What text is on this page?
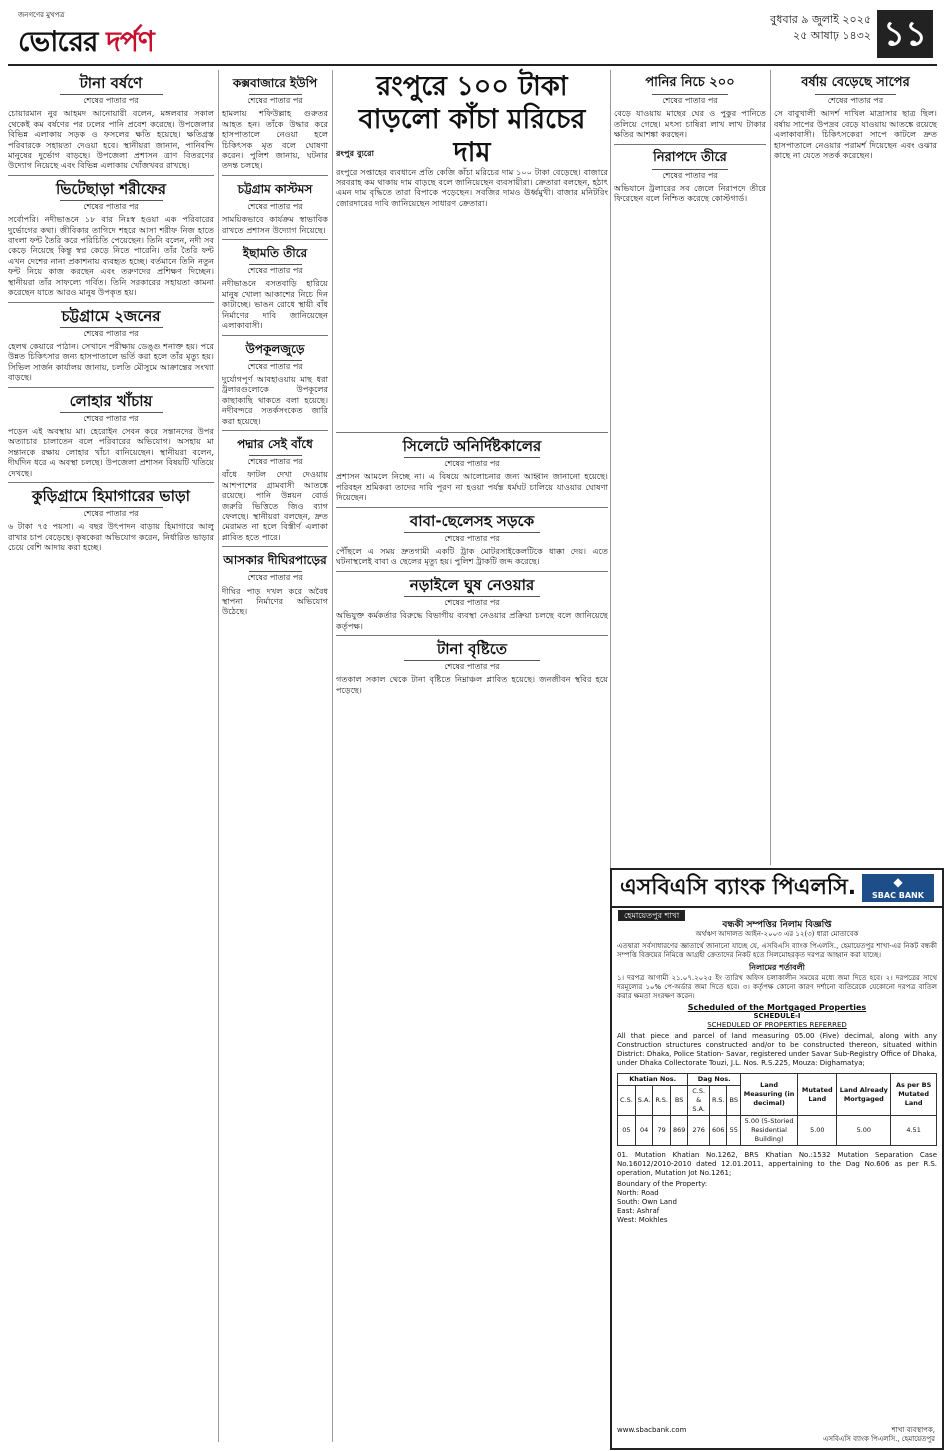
জনগণের মুখপত্র
ভোরের দর্পণ
বুধবার ৯ জুলাই ২০২৫
২৫ আষাঢ় ১৪৩২ ১১
টানা বর্ষণে
শেষের পাতার পর

চোয়ারমান নুর আহমদ আনোয়ারী বলেন, মঙ্গলবার সকাল থেকেই কম বর্ষণের পর ঢলের পানি প্রবেশ করেছে। উপজেলার বিভিন্ন এলাকায় সড়ক ও ফসলের ক্ষতি হয়েছে। ক্ষতিগ্রস্ত পরিবারকে সহায়তা দেওয়া হবে। স্থানীয়রা জানান, পানিবন্দি মানুষের দুর্ভোগ বাড়ছে। উপজেলা প্রশাসন ত্রাণ বিতরণের উদ্যোগ নিয়েছে এবং বিভিন্ন এলাকায় খোঁজখবর রাখছে।

ভিটেছাড়া শরীফের
শেষের পাতার পর

সর্বোপরি। নদীভাঙনে ১৮ বার নিঃস্ব হওয়া এক পরিবারের দুর্ভোগের কথা। জীবিকার তাগিদে শহরে আসা শরীফ নিজ হাতে বাংলা ফন্ট তৈরি করে পরিচিতি পেয়েছেন। তিনি বলেন, নদী সব কেড়ে নিয়েছে কিন্তু স্বপ্ন কেড়ে নিতে পারেনি। তাঁর তৈরি ফন্ট এখন দেশের নানা প্রকাশনায় ব্যবহৃত হচ্ছে। বর্তমানে তিনি নতুন ফন্ট নিয়ে কাজ করছেন এবং তরুণদের প্রশিক্ষণ দিচ্ছেন। স্থানীয়রা তাঁর সাফল্যে গর্বিত। তিনি সরকারের সহায়তা কামনা করেছেন যাতে আরও মানুষ উপকৃত হয়।

চট্টগ্রামে ২জনের
শেষের পাতার পর

হেলথ কেয়ারে পাঠান। সেখানে পরীক্ষায় ডেঙ্গু শনাক্ত হয়। পরে উন্নত চিকিৎসার জন্য হাসপাতালে ভর্তি করা হলে তাঁর মৃত্যু হয়। সিভিল সার্জন কার্যালয় জানায়, চলতি মৌসুমে আক্রান্তের সংখ্যা বাড়ছে।

লোহার খাঁচায়
শেষের পাতার পর

পড়েন এই অবস্থায় মা। হেরোইন সেবন করে সন্তানদের উপর অত্যাচার চালাতেন বলে পরিবারের অভিযোগ। অসহায় মা সন্তানকে রক্ষায় লোহার খাঁচা বানিয়েছেন। স্থানীয়রা বলেন, দীর্ঘদিন ধরে এ অবস্থা চলছে। উপজেলা প্রশাসন বিষয়টি খতিয়ে দেখছে।

কুড়িগ্রামে হিমাগারের ভাড়া
শেষের পাতার পর

৬ টাকা ৭৫ পয়সা। এ বছর উৎপাদন বাড়ায় হিমাগারে আলু রাখার চাপ বেড়েছে। কৃষকেরা অভিযোগ করেন, নির্ধারিত ভাড়ার চেয়ে বেশি আদায় করা হচ্ছে।

কক্সবাজারে ইউপি
শেষের পাতার পর

হামলায় শফিউল্লাহ গুরুতর আহত হন। তাঁকে উদ্ধার করে হাসপাতালে নেওয়া হলে চিকিৎসক মৃত বলে ঘোষণা করেন। পুলিশ জানায়, ঘটনার তদন্ত চলছে।

চট্টগ্রাম কাস্টমস
শেষের পাতার পর

সাময়িকভাবে কার্যক্রম স্বাভাবিক রাখতে প্রশাসন উদ্যোগ নিয়েছে।

ইছামতি তীরে
শেষের পাতার পর

নদীভাঙনে বসতবাড়ি হারিয়ে মানুষ খোলা আকাশের নিচে দিন কাটাচ্ছে। ভাঙন রোধে স্থায়ী বাঁধ নির্মাণের দাবি জানিয়েছেন এলাকাবাসী।

উপকূলজুড়ে
শেষের পাতার পর

দুর্যোগপূর্ণ আবহাওয়ায় মাছ ধরা ট্রলারগুলোকে উপকূলের কাছাকাছি থাকতে বলা হয়েছে। নদীবন্দরে সতর্কসংকেত জারি করা হয়েছে।

পদ্মার সেই বাঁধে
শেষের পাতার পর

বাঁধে ফাটল দেখা দেওয়ায় আশপাশের গ্রামবাসী আতঙ্কে রয়েছে। পানি উন্নয়ন বোর্ড জরুরি ভিত্তিতে জিও ব্যাগ ফেলছে। স্থানীয়রা বলছেন, দ্রুত মেরামত না হলে বিস্তীর্ণ এলাকা প্লাবিত হতে পারে।

আসকার দীঘিরপাড়ের
শেষের পাতার পর

দীঘির পাড় দখল করে অবৈধ স্থাপনা নির্মাণের অভিযোগ উঠেছে।

রংপুরে ১০০ টাকা বাড়লো কাঁচা মরিচের দাম
রংপুর ব্যুরো

রংপুরে সপ্তাহের ব্যবধানে প্রতি কেজি কাঁচা মরিচের দাম ১০০ টাকা বেড়েছে। বাজারে সরবরাহ কম থাকায় দাম বাড়ছে বলে জানিয়েছেন ব্যবসায়ীরা। ক্রেতারা বলছেন, হঠাৎ এমন দাম বৃদ্ধিতে তারা বিপাকে পড়েছেন। সবজির দামও ঊর্ধ্বমুখী। বাজার মনিটরিং জোরদারের দাবি জানিয়েছেন সাধারণ ক্রেতারা।

সিলেটে অনির্দিষ্টকালের
শেষের পাতার পর

প্রশাসন আমলে নিচ্ছে না। এ বিষয়ে আলোচনার জন্য আহ্বান জানানো হয়েছে। পরিবহন শ্রমিকরা তাদের দাবি পূরণ না হওয়া পর্যন্ত ধর্মঘট চালিয়ে যাওয়ার ঘোষণা দিয়েছেন।

বাবা-ছেলেসহ সড়কে
শেষের পাতার পর

পৌঁছলে এ সময় দ্রুতগামী একটি ট্রাক মোটরসাইকেলটিকে ধাক্কা দেয়। এতে ঘটনাস্থলেই বাবা ও ছেলের মৃত্যু হয়। পুলিশ ট্রাকটি জব্দ করেছে।

নড়াইলে ঘুষ নেওয়ার
শেষের পাতার পর

অভিযুক্ত কর্মকর্তার বিরুদ্ধে বিভাগীয় ব্যবস্থা নেওয়ার প্রক্রিয়া চলছে বলে জানিয়েছে কর্তৃপক্ষ।

টানা বৃষ্টিতে
শেষের পাতার পর

গতকাল সকাল থেকে টানা বৃষ্টিতে নিম্নাঞ্চল প্লাবিত হয়েছে। জনজীবন স্থবির হয়ে পড়েছে।

পানির নিচে ২০০
শেষের পাতার পর

বেড়ে যাওয়ায় মাছের ঘের ও পুকুর পানিতে তলিয়ে গেছে। মৎস্য চাষিরা লাখ লাখ টাকার ক্ষতির আশঙ্কা করছেন।

নিরাপদে তীরে
শেষের পাতার পর

অভিযানে ট্রলারের সব জেলে নিরাপদে তীরে ফিরেছেন বলে নিশ্চিত করেছে কোস্টগার্ড।

বর্ষায় বেড়েছে সাপের
শেষের পাতার পর

সে বাবুখালী আদর্শ দাখিল মাদ্রাসার ছাত্র ছিল। বর্ষায় সাপের উপদ্রব বেড়ে যাওয়ায় আতঙ্কে রয়েছে এলাকাবাসী। চিকিৎসকেরা সাপে কাটলে দ্রুত হাসপাতালে নেওয়ার পরামর্শ দিয়েছেন এবং ওঝার কাছে না যেতে সতর্ক করেছেন।

এসবিএসি ব্যাংক পিএলসি.	◆
SBAC BANK
হেমায়েতপুর শাখা
বন্ধকী সম্পত্তির নিলাম বিজ্ঞপ্তি
অর্থঋণ আদালত আইন-২০০৩ এর ১২(৩) ধারা মোতাবেক

এতদ্বারা সর্বসাধারণের জ্ঞাতার্থে জানানো যাচ্ছে যে, এসবিএসি ব্যাংক পিএলসি., হেমায়েতপুর শাখা-এর নিকট বন্ধকী সম্পত্তি বিক্রয়ের নিমিত্তে আগ্রহী ক্রেতাদের নিকট হতে সিলমোহরকৃত দরপত্র আহ্বান করা যাচ্ছে।

নিলামের শর্তাবলী

১। দরপত্র আগামী ২১.০৭.২০২৫ ইং তারিখ অফিস চলাকালীন সময়ের মধ্যে জমা দিতে হবে। ২। দরপত্রের সাথে দরমূল্যের ১০% পে-অর্ডার জমা দিতে হবে। ৩। কর্তৃপক্ষ কোনো কারণ দর্শানো ব্যতিরেকে যেকোনো দরপত্র বাতিল করার ক্ষমতা সংরক্ষণ করেন।

Scheduled of the Mortgaged Properties
SCHEDULE-I
SCHEDULED OF PROPERTIES REFERRED

All that piece and parcel of land measuring 05.00 (Five) decimal, along with any Construction structures constructed and/or to be constructed thereon, situated within District: Dhaka, Police Station- Savar, registered under Savar Sub-Registry Office of Dhaka, under Dhaka Collectorate Touzi, J.L. Nos. R.S.225, Mouza: Dighamatya;

Khatian Nos.				Dag Nos.			Land Measuring (in decimal)	Mutated Land	Land Already Mortgaged	As per BS Mutated Land
C.S.	S.A.	R.S.	BS	C.S. & S.A.	R.S.	BS				
05	04	79	869	276	606	55	5.00 (5-Storied Residential Building)	5.00	5.00	4.51

01. Mutation Khatian No.1262, BRS Khatian No.:1532 Mutation Separation Case No.16012/2010-2010 dated 12.01.2011, appertaining to the Dag No.606 as per R.S. operation, Mutation Jot No.1261;

Boundary of the Property:
North: Road
South: Own Land
East: Ashraf
West: Mokhles

www.sbacbank.com	শাখা ব্যবস্থাপক,
এসবিএসি ব্যাংক পিএলসি., হেমায়েতপুর
